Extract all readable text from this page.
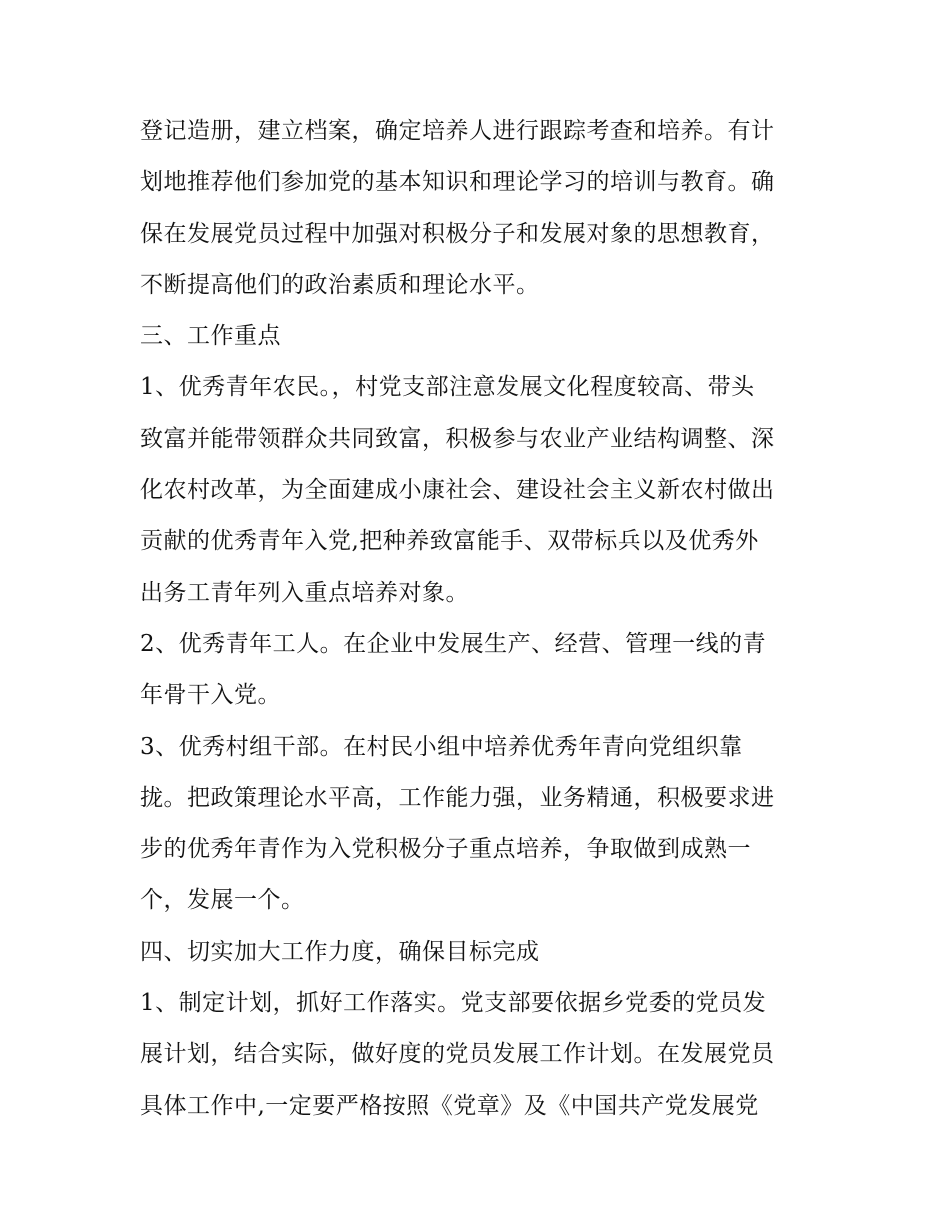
登记造册，建立档案，确定培养人进行跟踪考查和培养。有计
划地推荐他们参加党的基本知识和理论学习的培训与教育。确
保在发展党员过程中加强对积极分子和发展对象的思想教育，
不断提高他们的政治素质和理论水平。
三、工作重点
1、优秀青年农民。，村党支部注意发展文化程度较高、带头
致富并能带领群众共同致富，积极参与农业产业结构调整、深
化农村改革，为全面建成小康社会、建设社会主义新农村做出
贡献的优秀青年入党,把种养致富能手、双带标兵以及优秀外
出务工青年列入重点培养对象。
2、优秀青年工人。在企业中发展生产、经营、管理一线的青
年骨干入党。
3、优秀村组干部。在村民小组中培养优秀年青向党组织靠
拢。把政策理论水平高，工作能力强，业务精通，积极要求进
步的优秀年青作为入党积极分子重点培养，争取做到成熟一
个，发展一个。
四、切实加大工作力度，确保目标完成
1、制定计划，抓好工作落实。党支部要依据乡党委的党员发
展计划，结合实际，做好度的党员发展工作计划。在发展党员
具体工作中,一定要严格按照《党章》及《中国共产党发展党
